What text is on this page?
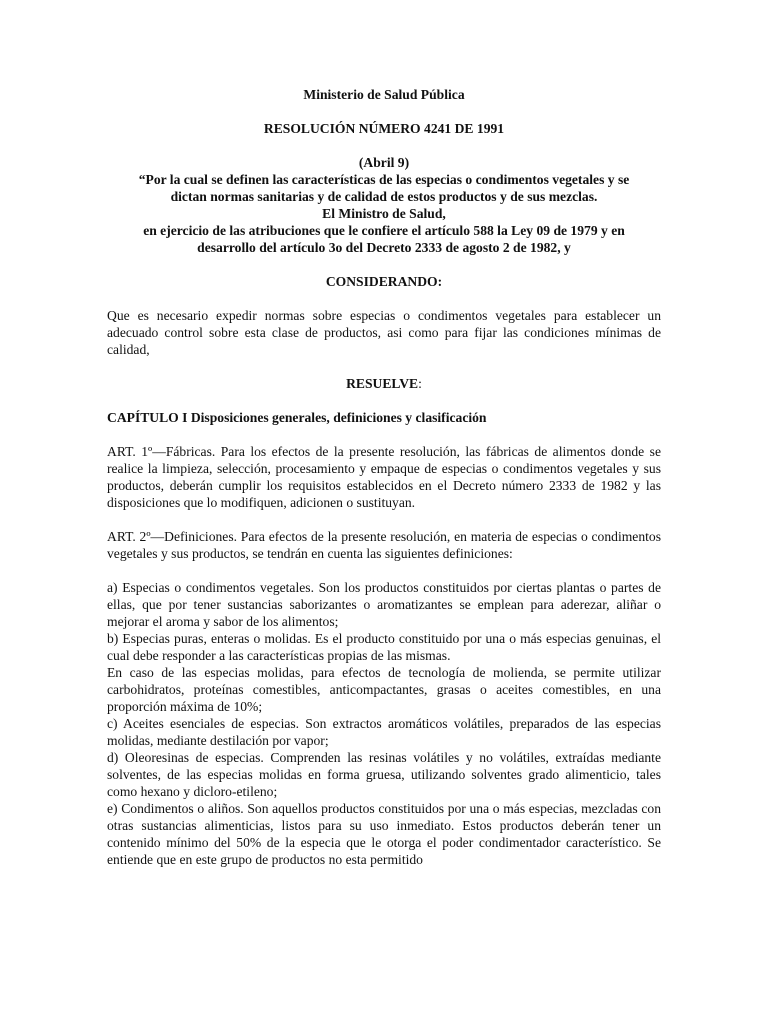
Ministerio de Salud Pública
RESOLUCIÓN NÚMERO 4241 DE 1991
(Abril 9)
“Por la cual se definen las características de las especias o condimentos vegetales y se
dictan normas sanitarias y de calidad de estos productos y de sus mezclas.
El Ministro de Salud,
en ejercicio de las atribuciones que le confiere el artículo 588 la Ley 09 de 1979 y en
desarrollo del artículo 3o del Decreto 2333 de agosto 2 de 1982, y
CONSIDERANDO:

Que es necesario expedir normas sobre especias o condimentos vegetales para establecer un adecuado control sobre esta clase de productos, asi como para fijar las condiciones mínimas de calidad,

RESUELVE:
CAPÍTULO I Disposiciones generales, definiciones y clasificación

ART. 1º—Fábricas. Para los efectos de la presente resolución, las fábricas de alimentos donde se realice la limpieza, selección, procesamiento y empaque de especias o condimentos vegetales y sus productos, deberán cumplir los requisitos establecidos en el Decreto número 2333 de 1982 y las disposiciones que lo modifiquen, adicionen o sustituyan.

ART. 2º—Definiciones. Para efectos de la presente resolución, en materia de especias o condimentos vegetales y sus productos, se tendrán en cuenta las siguientes definiciones:

a) Especias o condimentos vegetales. Son los productos constituidos por ciertas plantas o partes de ellas, que por tener sustancias saborizantes o aromatizantes se emplean para aderezar, aliñar o mejorar el aroma y sabor de los alimentos;

b) Especias puras, enteras o molidas. Es el producto constituido por una o más especias genuinas, el cual debe responder a las características propias de las mismas.

En caso de las especias molidas, para efectos de tecnología de molienda, se permite utilizar carbohidratos, proteínas comestibles, anticompactantes, grasas o aceites comestibles, en una proporción máxima de 10%;

c) Aceites esenciales de especias. Son extractos aromáticos volátiles, preparados de las especias molidas, mediante destilación por vapor;

d) Oleoresinas de especias. Comprenden las resinas volátiles y no volátiles, extraídas mediante solventes, de las especias molidas en forma gruesa, utilizando solventes grado alimenticio, tales como hexano y dicloro-etileno;

e) Condimentos o aliños. Son aquellos productos constituidos por una o más especias, mezcladas con otras sustancias alimenticias, listos para su uso inmediato. Estos productos deberán tener un contenido mínimo del 50% de la especia que le otorga el poder condimentador característico. Se entiende que en este grupo de productos no esta permitido
